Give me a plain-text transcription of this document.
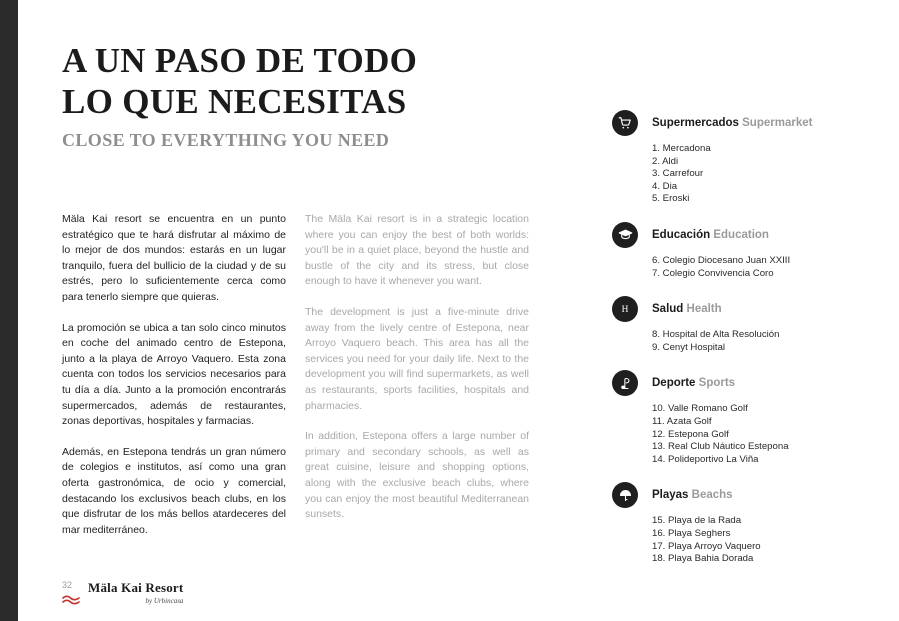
A UN PASO DE TODO
LO QUE NECESITAS
CLOSE TO EVERYTHING YOU NEED

Mäla Kai resort se encuentra en un punto estratégico que te hará disfrutar al máximo de lo mejor de dos mundos: estarás en un lugar tranquilo, fuera del bullicio de la ciudad y de su estrés, pero lo suficientemente cerca como para tenerlo siempre que quieras.

La promoción se ubica a tan solo cinco minutos en coche del animado centro de Estepona, junto a la playa de Arroyo Vaquero. Esta zona cuenta con todos los servicios necesarios para tu día a día. Junto a la promoción encontrarás supermercados, además de restaurantes, zonas deportivas, hospitales y farmacias.

Además, en Estepona tendrás un gran número de colegios e institutos, así como una gran oferta gastronómica, de ocio y comercial, destacando los exclusivos beach clubs, en los que disfrutar de los más bellos atardeceres del mar mediterráneo.

The Mäla Kai resort is in a strategic location where you can enjoy the best of both worlds: you'll be in a quiet place, beyond the hustle and bustle of the city and its stress, but close enough to have it whenever you want.

The development is just a five-minute drive away from the lively centre of Estepona, near Arroyo Vaquero beach. This area has all the services you need for your daily life. Next to the development you will find supermarkets, as well as restaurants, sports facilities, hospitals and pharmacies.

In addition, Estepona offers a large number of primary and secondary schools, as well as great cuisine, leisure and shopping options, along with the exclusive beach clubs, where you can enjoy the most beautiful Mediterranean sunsets.

Supermercados Supermarket
1. Mercadona
2. Aldi
3. Carrefour
4. Dia
5. Eroski
Educación Education
6. Colegio Diocesano Juan XXIII
7. Colegio Convivencia Coro
H Salud Health
8. Hospital de Alta Resolución
9. Cenyt Hospital
Deporte Sports
10. Valle Romano Golf
11. Azata Golf
12. Estepona Golf
13. Real Club Náutico Estepona
14. Polideportivo La Viña
Playas Beachs
15. Playa de la Rada
16. Playa Seghers
17. Playa Arroyo Vaquero
18. Playa Bahia Dorada
32 Mäla Kai Resort
by Urbincasa
